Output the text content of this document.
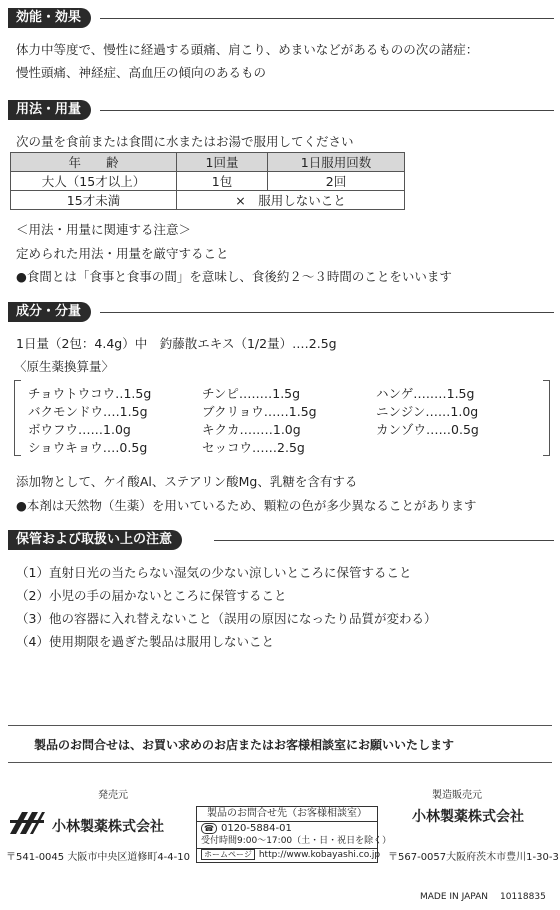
効能・効果
体力中等度で、慢性に経過する頭痛、肩こり、めまいなどがあるものの次の諸症：
慢性頭痛、神経症、高血圧の傾向のあるもの
用法・用量
次の量を食前または食間に水またはお湯で服用してください
年　　齢	1回量	1日服用回数
大人（15才以上）	1包	2回
15才未満	×　服用しないこと	
＜用法・用量に関連する注意＞
定められた用法・用量を厳守すること
●食間とは「食事と食事の間」を意味し、食後約２～３時間のことをいいます
成分・分量
1日量（2包：4.4g）中　釣藤散エキス（1/2量）‥‥2.5g
〈原生薬換算量〉
チョウトウコウ‥1.5g	チンピ‥‥‥‥1.5g	ハンゲ‥‥‥‥1.5g
バクモンドウ‥‥1.5g	ブクリョウ‥‥‥1.5g	ニンジン‥‥‥1.0g
ボウフウ‥‥‥1.0g	キクカ‥‥‥‥1.0g	カンゾウ‥‥‥0.5g
ショウキョウ‥‥0.5g	セッコウ‥‥‥2.5g
添加物として、ケイ酸Al、ステアリン酸Mg、乳糖を含有する
●本剤は天然物（生薬）を用いているため、顆粒の色が多少異なることがあります
保管および取扱い上の注意
（1）直射日光の当たらない湿気の少ない涼しいところに保管すること
（2）小児の手の届かないところに保管すること
（3）他の容器に入れ替えないこと（誤用の原因になったり品質が変わる）
（4）使用期限を過ぎた製品は服用しないこと
製品のお問合せは、お買い求めのお店またはお客様相談室にお願いいたします
発売元
小林製薬株式会社
〒541-0045 大阪市中央区道修町4-4-10
製品のお問合せ先（お客様相談室）
☎ 0120-5884-01
受付時間9:00～17:00（土・日・祝日を除く）
ホームページ http://www.kobayashi.co.jp
製造販売元
小林製薬株式会社
〒567-0057大阪府茨木市豊川1-30-3
MADE IN JAPAN 10118835
